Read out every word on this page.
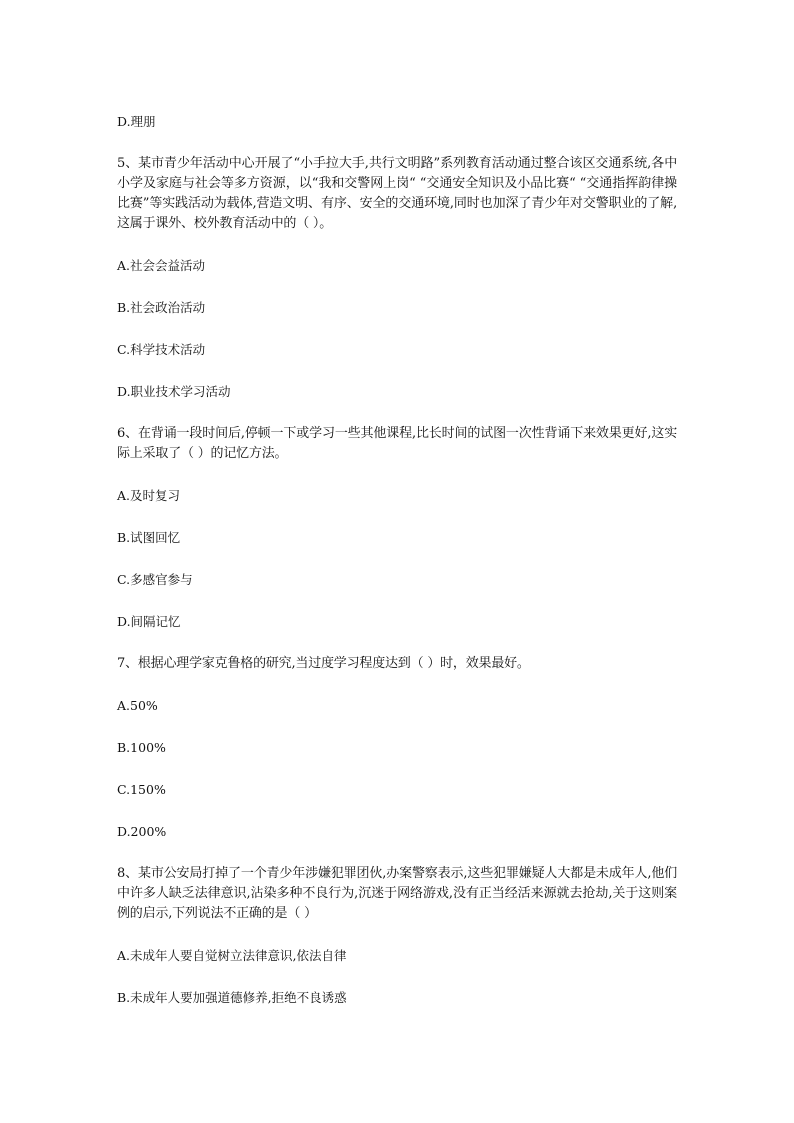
D.理朋

5、某市青少年活动中心开展了“小手拉大手,共行文明路”系列教育活动通过整合该区交通系统,各中小学及家庭与社会等多方资源，以“我和交警网上岗“ “交通安全知识及小品比赛“ “交通指挥韵律操比赛”等实践活动为载体,营造文明、有序、安全的交通环境,同时也加深了青少年对交警职业的了解,这属于课外、校外教育活动中的（ ）。

A.社会会益活动

B.社会政治活动

C.科学技术活动

D.职业技术学习活动

6、在背诵一段时间后,停顿一下或学习一些其他课程,比长时间的试图一次性背诵下来效果更好,这实际上采取了（ ）的记忆方法。

A.及时复习

B.试图回忆

C.多感官参与

D.间隔记忆

7、根据心理学家克鲁格的研究,当过度学习程度达到（ ）时，效果最好。

A.50%

B.100%

C.150%

D.200%

8、某市公安局打掉了一个青少年涉嫌犯罪团伙,办案警察表示,这些犯罪嫌疑人大都是未成年人,他们中许多人缺乏法律意识,沾染多种不良行为,沉迷于网络游戏,没有正当经活来源就去抢劫,关于这则案例的启示,下列说法不正确的是（ ）

A.未成年人要自觉树立法律意识,依法自律

B.未成年人要加强道德修养,拒绝不良诱惑
